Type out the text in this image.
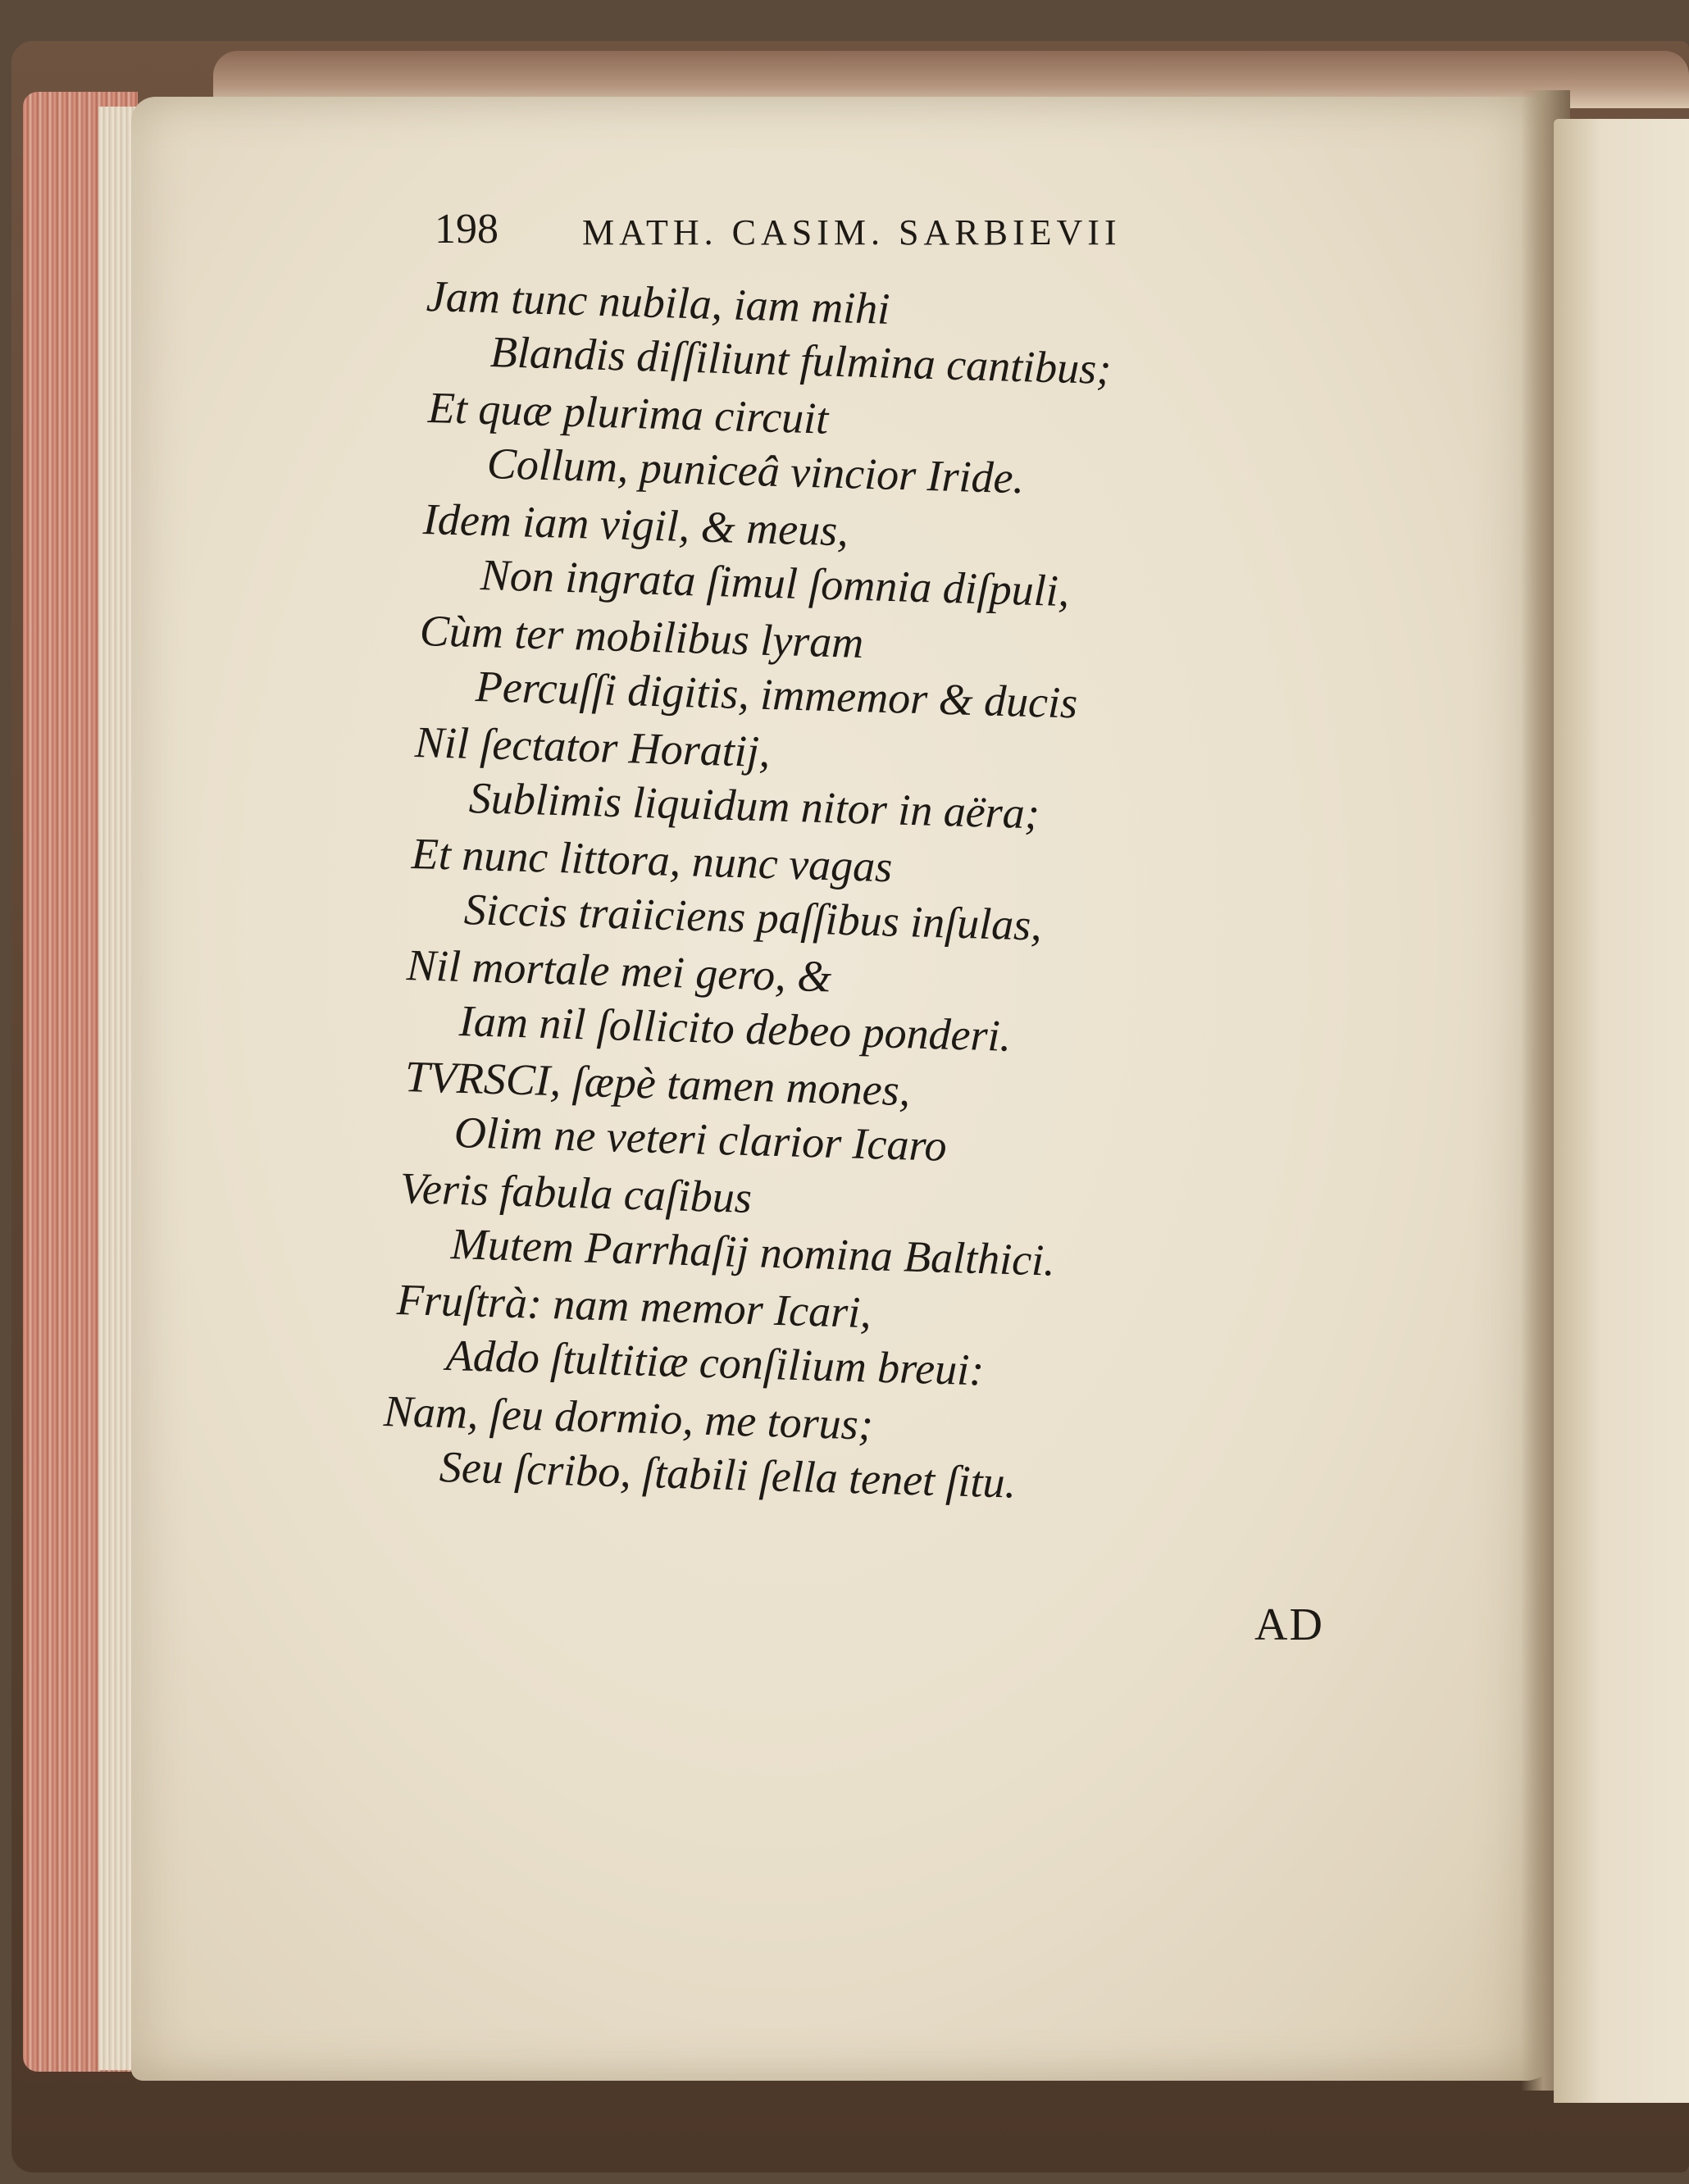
198 MATH. CASIM. SARBIEVII
Jam tunc nubila, iam mihi
Blandis diſſiliunt fulmina cantibus;
Et quæ plurima circuit
Collum, puniceâ vincior Iride.
Idem iam vigil, & meus,
Non ingrata ſimul ſomnia diſpuli,
Cùm ter mobilibus lyram
Percuſſi digitis, immemor & ducis
Nil ſectator Horatij,
Sublimis liquidum nitor in aëra;
Et nunc littora, nunc vagas
Siccis traiiciens paſſibus inſulas,
Nil mortale mei gero, &
Iam nil ſollicito debeo ponderi.
TVRSCI, ſæpè tamen mones,
Olim ne veteri clarior Icaro
Veris fabula caſibus
Mutem Parrhaſij nomina Balthici.
Fruſtrà: nam memor Icari,
Addo ſtultitiæ conſilium breui:
Nam, ſeu dormio, me torus;
Seu ſcribo, ſtabili ſella tenet ſitu.
AD
